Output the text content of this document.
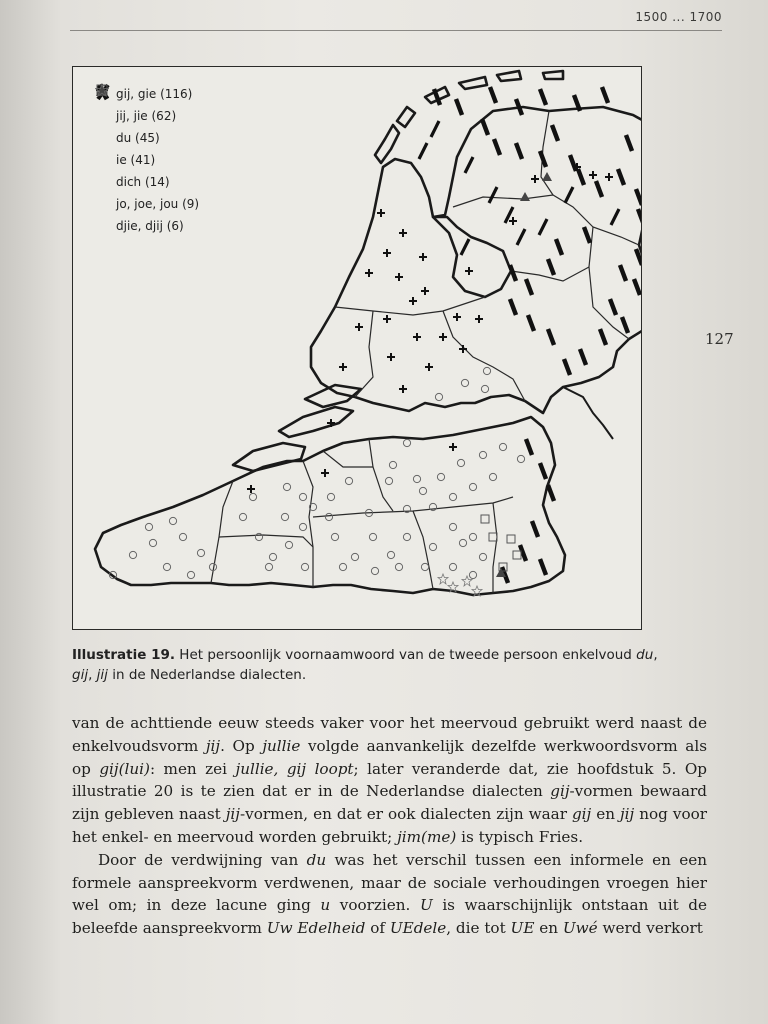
1500 ... 1700
127
gij, gie (116)
jij, jie (62)
du (45)
ie (41)
dich (14)
jo, joe, jou (9)
djie, djij (6)
Illustratie 19. Het persoonlijk voornaamwoord van de tweede persoon enkelvoud du, gij, jij in de Nederlandse dialecten.

van de achttiende eeuw steeds vaker voor het meervoud gebruikt werd naast de enkelvoudsvorm jij. Op jullie volgde aanvankelijk dezelfde werkwoordsvorm als op gij(lui): men zei jullie, gij loopt; later veranderde dat, zie hoofdstuk 5. Op illustratie 20 is te zien dat er in de Nederlandse dialecten gij-vormen bewaard zijn gebleven naast jij-vormen, en dat er ook dialecten zijn waar gij en jij nog voor het enkel- en meervoud worden gebruikt; jim(me) is typisch Fries.

Door de verdwijning van du was het verschil tussen een informele en een formele aanspreekvorm verdwenen, maar de sociale verhoudingen vroegen hier wel om; in deze lacune ging u voorzien. U is waarschijnlijk ontstaan uit de beleefde aanspreekvorm Uw Edelheid of UEdele, die tot UE en Uwé werd verkort
